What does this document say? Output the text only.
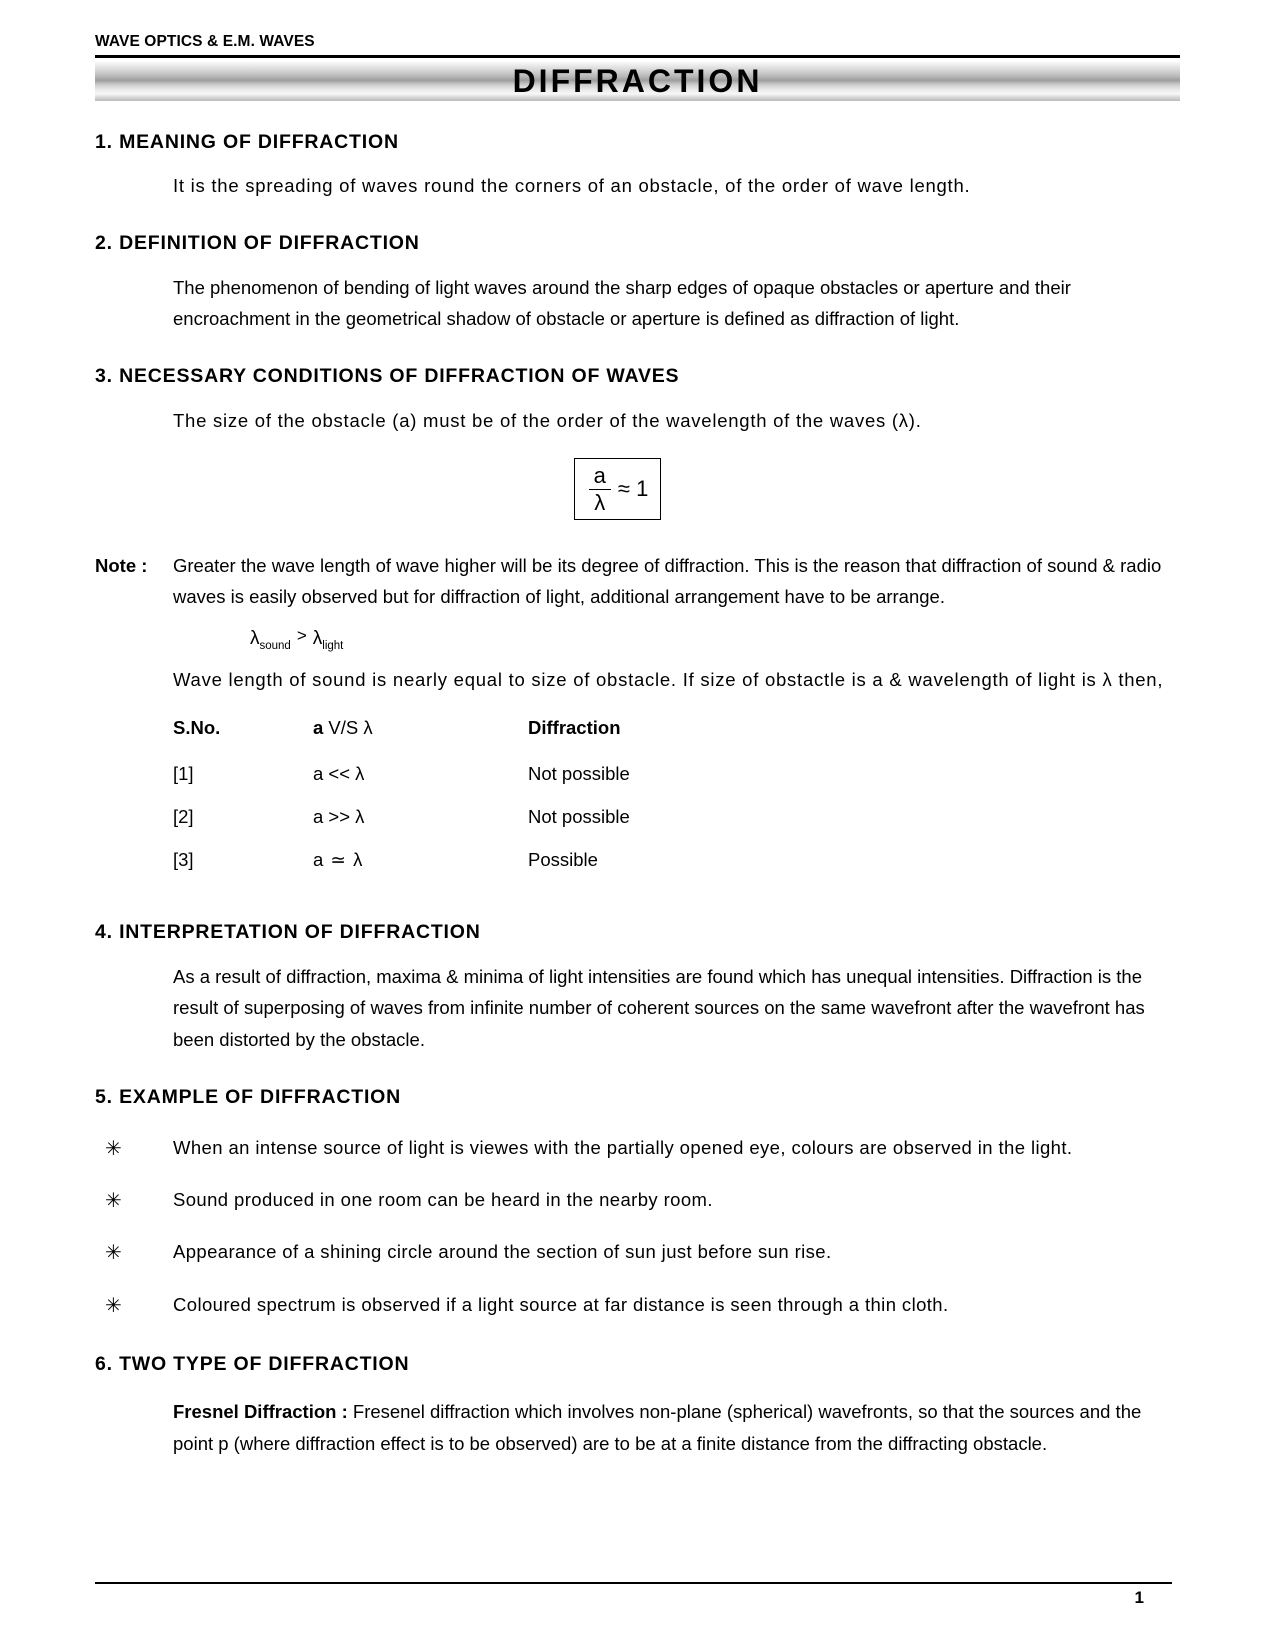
WAVE OPTICS & E.M. WAVES
DIFFRACTION
1. MEANING OF DIFFRACTION

It is the spreading of waves round the corners of an obstacle, of the order of wave length.

2. DEFINITION OF DIFFRACTION

The phenomenon of bending of light waves around the sharp edges of opaque obstacles or aperture and their encroachment in the geometrical shadow of obstacle or aperture is defined as diffraction of light.

3. NECESSARY CONDITIONS OF DIFFRACTION OF WAVES

The size of the obstacle (a) must be of the order of the wavelength of the waves (λ).

$\frac{a}{\lambda} \approx 1$
Note :	Greater the wave length of wave higher will be its degree of diffraction. This is the reason that diffraction of sound & radio waves is easily observed but for diffraction of light, additional arrangement have to be arrange.
$\lambda_{sound}> \lambda_{light}$

Wave length of sound is nearly equal to size of obstacle. If size of obstactle is a & wavelength of light is λ then,

S.No.	a V/S λ	Diffraction
[1]	a << λ	Not possible
[2]	a >> λ	Not possible
[3]	a ≃ λ	Possible
4. INTERPRETATION OF DIFFRACTION

As a result of diffraction, maxima & minima of light intensities are found which has unequal intensities. Diffraction is the result of superposing of waves from infinite number of coherent sources on the same wavefront after the wavefront has been distorted by the obstacle.

5. EXAMPLE OF DIFFRACTION
✳	When an intense source of light is viewes with the partially opened eye, colours are observed in the light.
✳	Sound produced in one room can be heard in the nearby room.
✳	Appearance of a shining circle around the section of sun just before sun rise.
✳	Coloured spectrum is observed if a light source at far distance is seen through a thin cloth.
6. TWO TYPE OF DIFFRACTION

Fresnel Diffraction : Fresenel diffraction which involves non-plane (spherical) wavefronts, so that the sources and the point p (where diffraction effect is to be observed) are to be at a finite distance from the diffracting obstacle.

1
